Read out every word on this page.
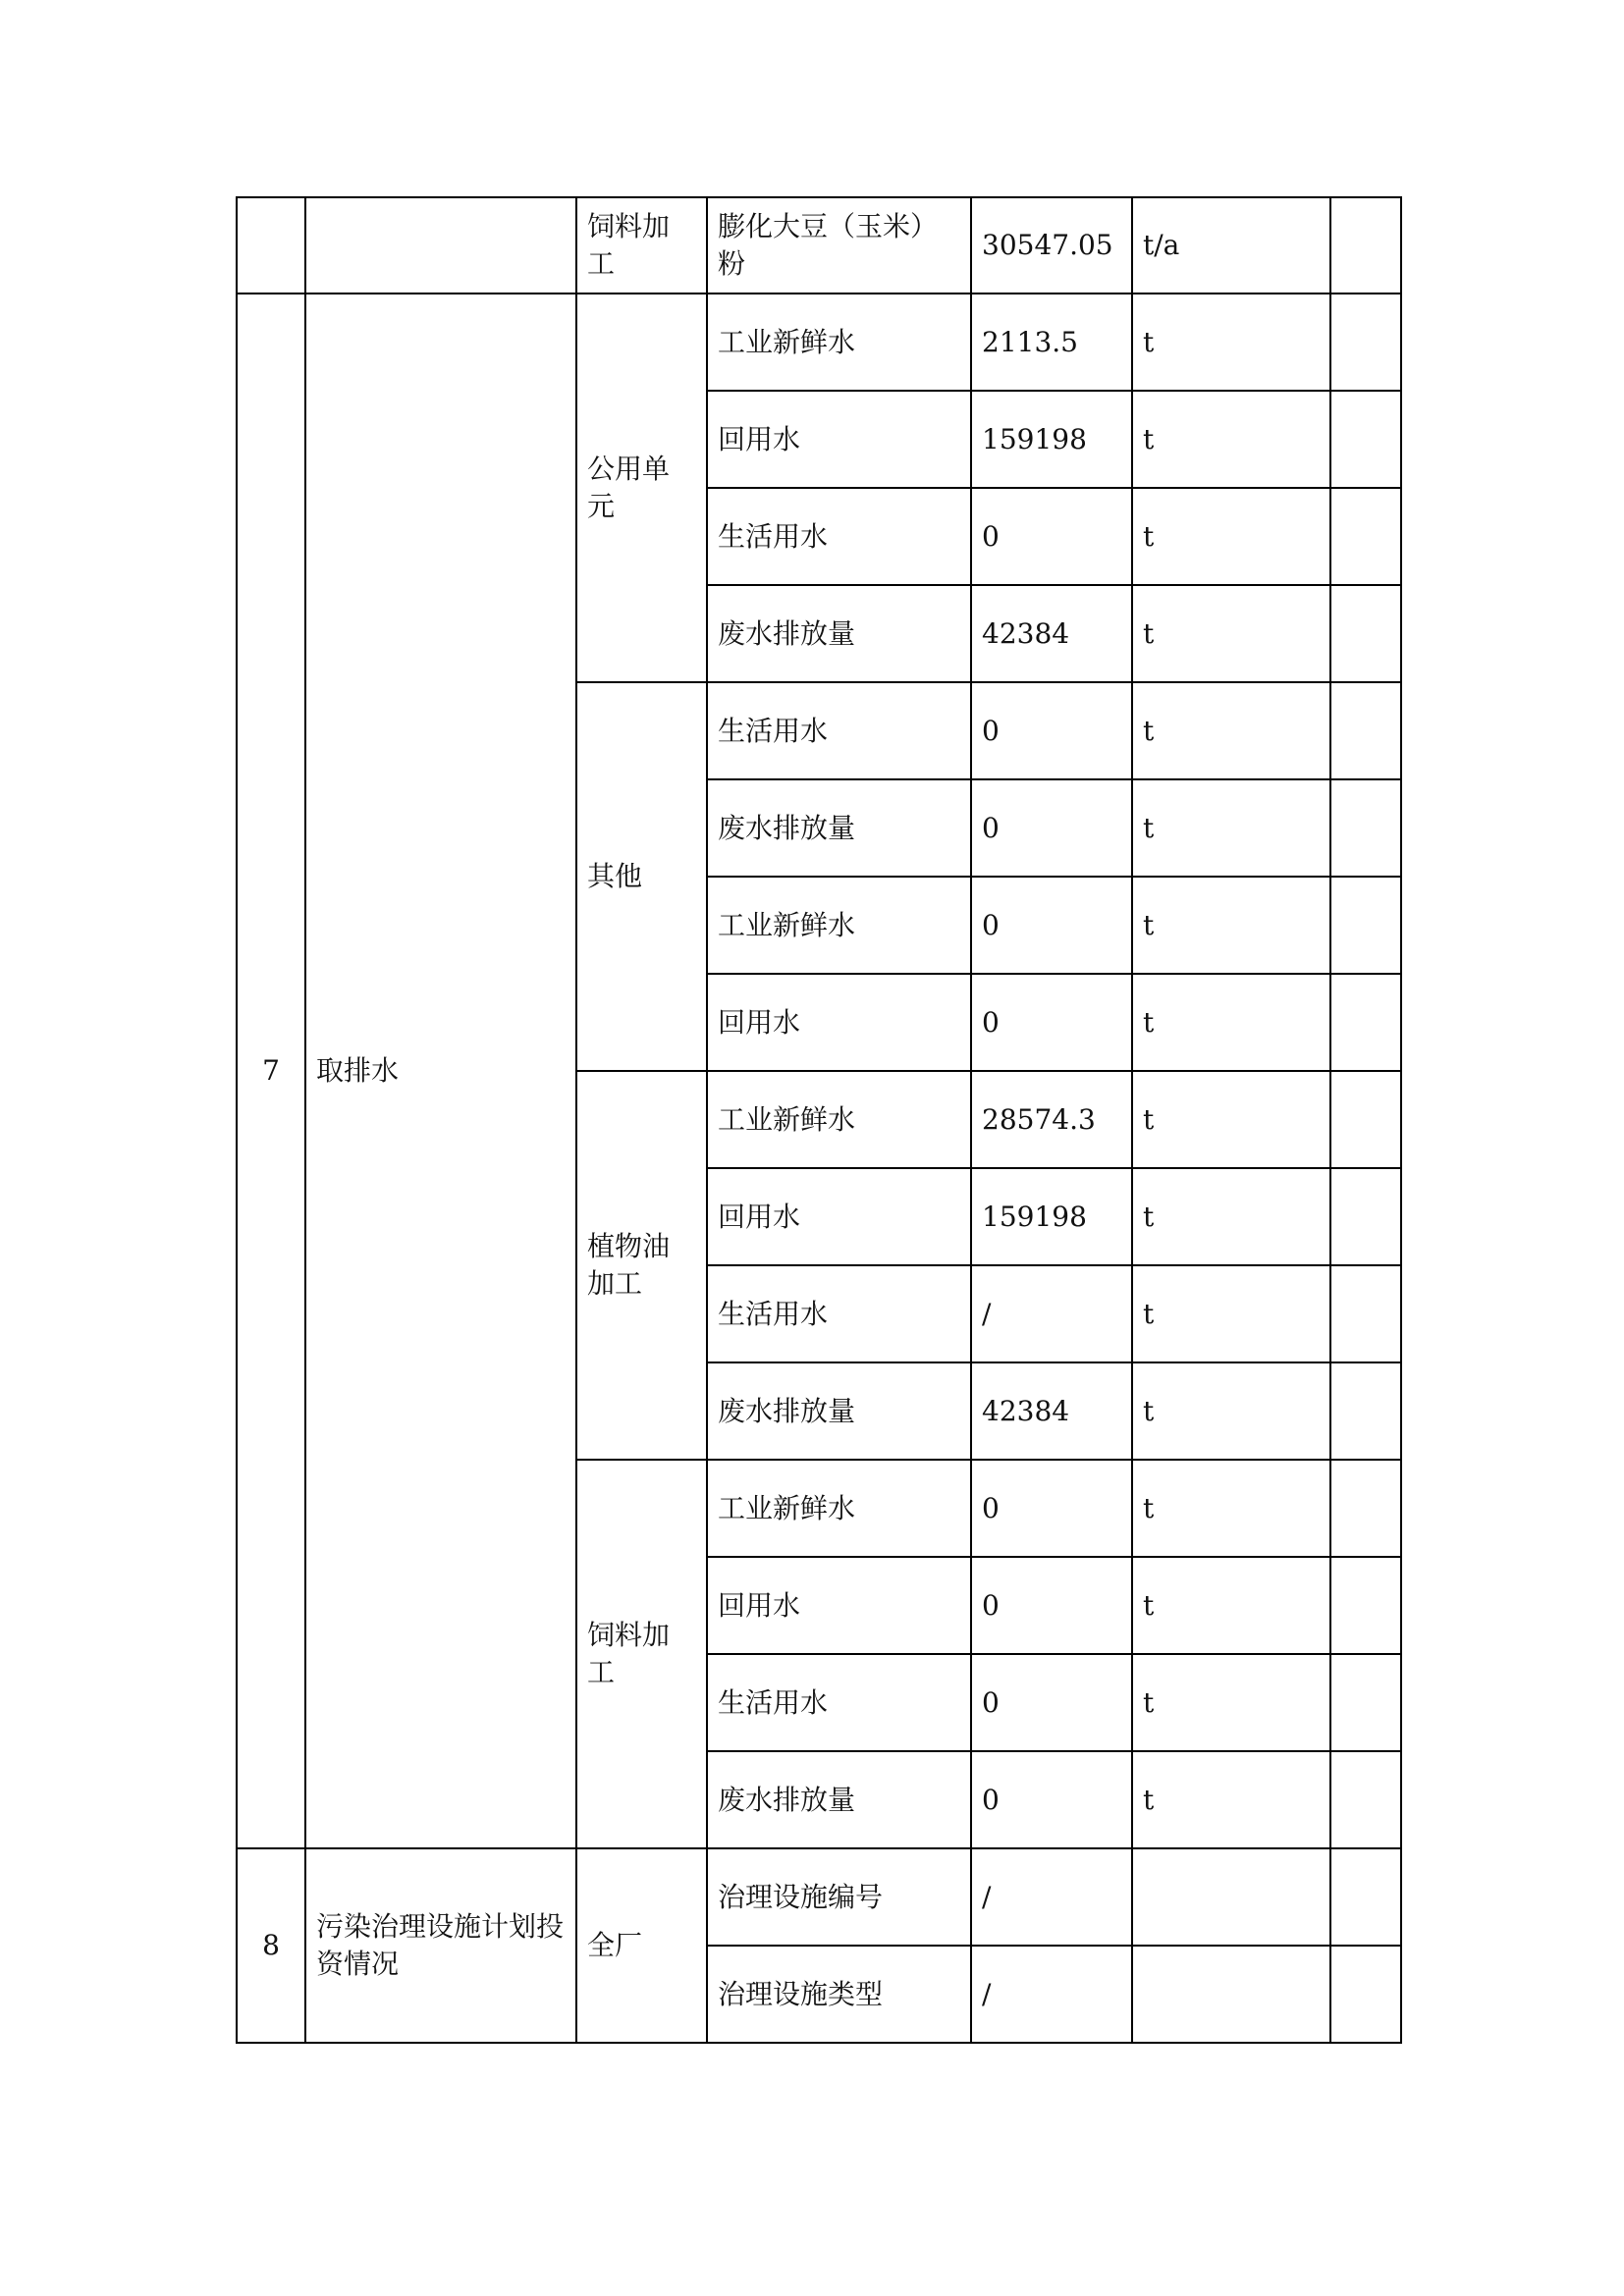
		饲料加工	膨化大豆（玉米）粉	30547.05	t/a	
7	取排水	公用单元	工业新鲜水	2113.5	t	
			回用水	159198	t	
			生活用水	0	t	
			废水排放量	42384	t	
		其他	生活用水	0	t	
			废水排放量	0	t	
			工业新鲜水	0	t	
			回用水	0	t	
		植物油加工	工业新鲜水	28574.3	t	
			回用水	159198	t	
			生活用水	/	t	
			废水排放量	42384	t	
		饲料加工	工业新鲜水	0	t	
			回用水	0	t	
			生活用水	0	t	
			废水排放量	0	t	
8	污染治理设施计划投资情况	全厂	治理设施编号	/		
			治理设施类型	/		
